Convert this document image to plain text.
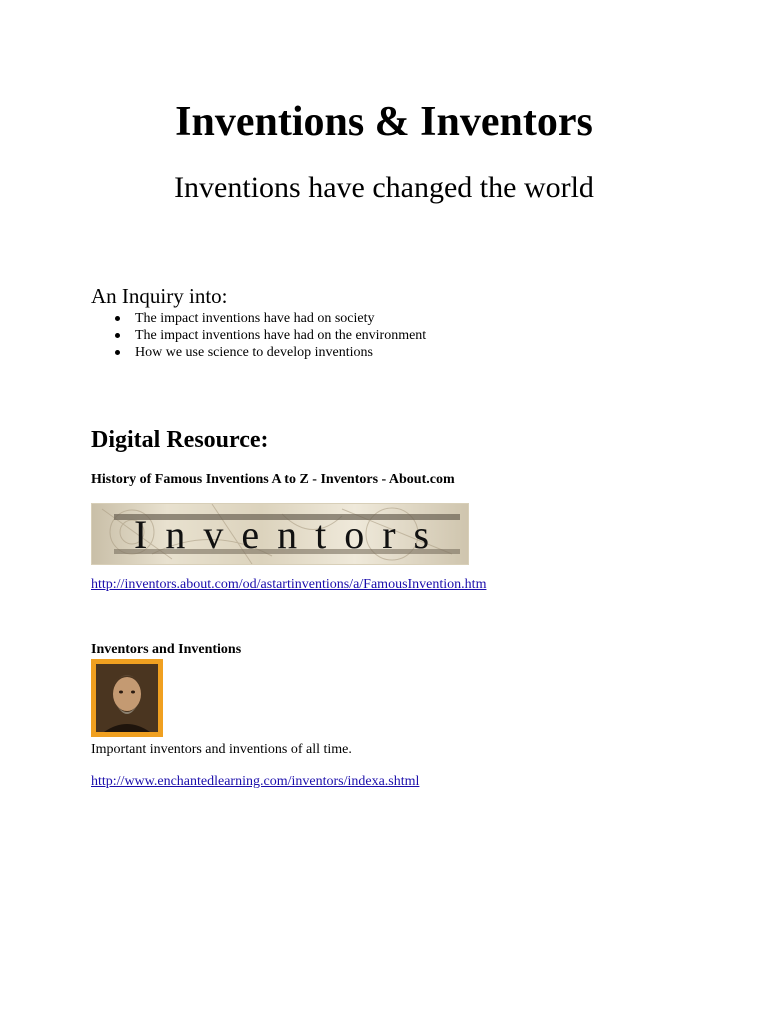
Inventions & Inventors
Inventions have changed the world
An Inquiry into:
The impact inventions have had on society
The impact inventions have had on the environment
How we use science to develop inventions
Digital Resource:
History of Famous Inventions A to Z - Inventors - About.com
Inventors
http://inventors.about.com/od/astartinventions/a/FamousInvention.htm
Inventors and Inventions
Important inventors and inventions of all time.
http://www.enchantedlearning.com/inventors/indexa.shtml
